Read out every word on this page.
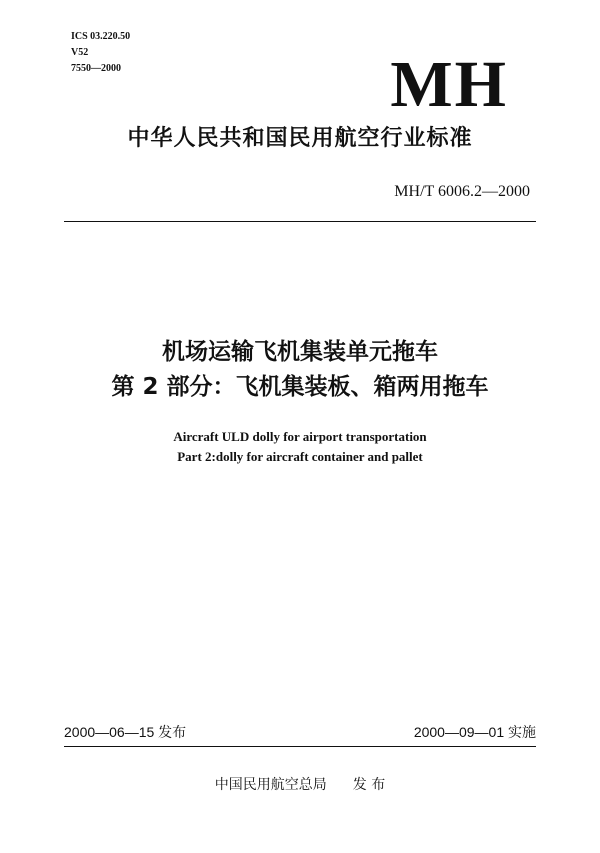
ICS 03.220.50
V52
7550—2000	MH
中华人民共和国民用航空行业标准
MH/T 6006.2—2000
机场运输飞机集装单元拖车
第 2 部分：飞机集装板、箱两用拖车
Aircraft ULD dolly for airport transportation
Part 2:dolly for aircraft container and pallet
2000—06—15 发布	2000—09—01 实施
中国民用航空总局 发 布
